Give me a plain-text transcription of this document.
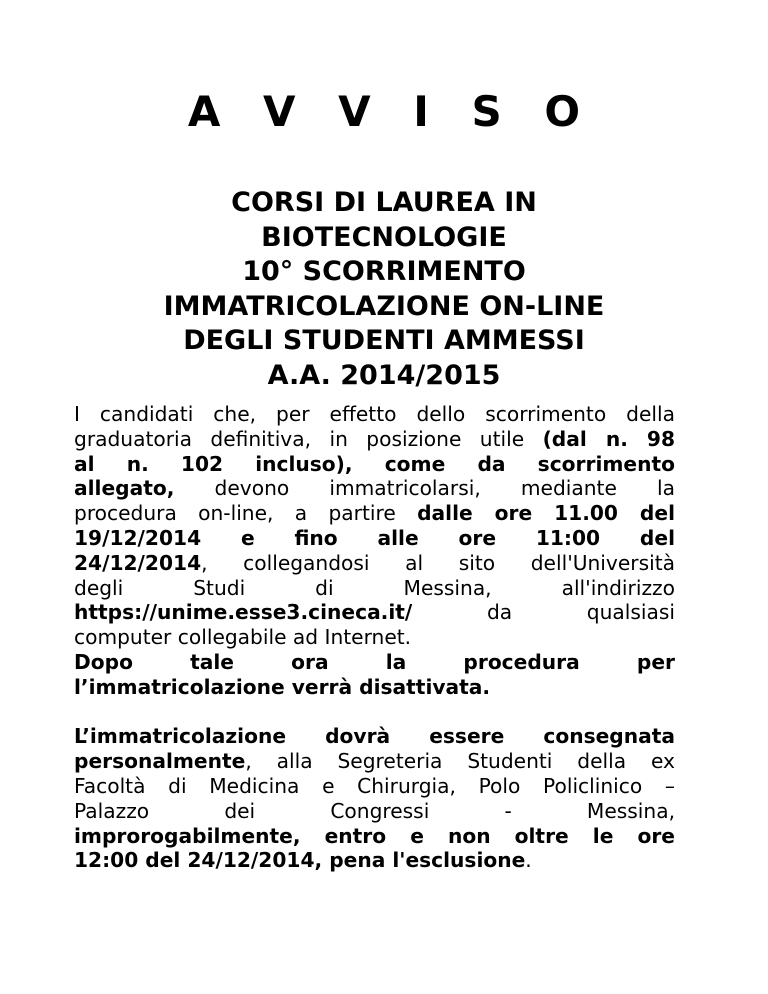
A V V I S O
CORSI DI LAUREA IN
BIOTECNOLOGIE
10° SCORRIMENTO
IMMATRICOLAZIONE ON-LINE
DEGLI STUDENTI AMMESSI
A.A. 2014/2015
I candidati che, per effetto dello scorrimento della
graduatoria definitiva, in posizione utile (dal n. 98
al n. 102 incluso), come da scorrimento
allegato, devono immatricolarsi, mediante la
procedura on-line, a partire dalle ore 11.00 del
19/12/2014 e fino alle ore 11:00 del
24/12/2014, collegandosi al sito dell'Università
degli Studi di Messina, all'indirizzo
https://unime.esse3.cineca.it/ da qualsiasi
computer collegabile ad Internet.
Dopo tale ora la procedura per
l’immatricolazione verrà disattivata.
L’immatricolazione dovrà essere consegnata
personalmente, alla Segreteria Studenti della ex
Facoltà di Medicina e Chirurgia, Polo Policlinico –
Palazzo dei Congressi - Messina,
improrogabilmente, entro e non oltre le ore
12:00 del 24/12/2014, pena l'esclusione.
